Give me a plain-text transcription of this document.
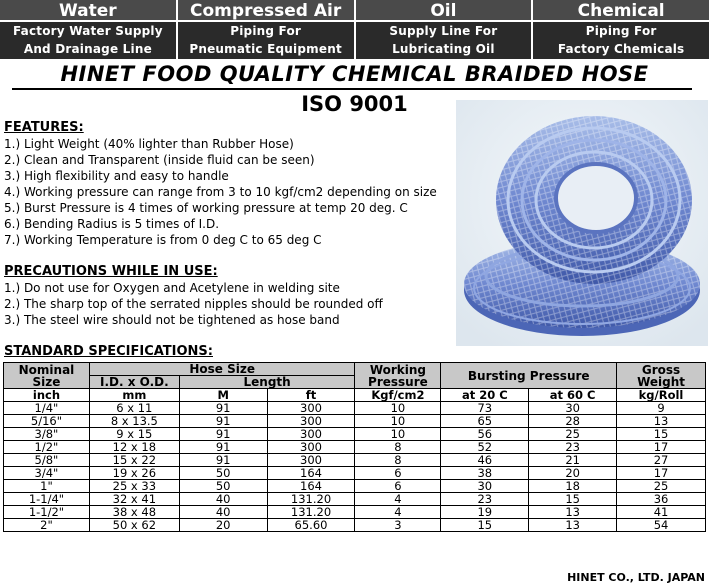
Water
Factory Water Supply
And Drainage Line
Compressed Air
Piping For
Pneumatic Equipment
Oil
Supply Line For
Lubricating Oil
Chemical
Piping For
Factory Chemicals
HINET FOOD QUALITY CHEMICAL BRAIDED HOSE
ISO 9001
FEATURES:
1.) Light Weight (40% lighter than Rubber Hose)
2.) Clean and Transparent (inside fluid can be seen)
3.) High flexibility and easy to handle
4.) Working pressure can range from 3 to 10 kgf/cm2 depending on size
5.) Burst Pressure is 4 times of working pressure at temp 20 deg. C
6.) Bending Radius is 5 times of I.D.
7.) Working Temperature is from 0 deg C to 65 deg C
PRECAUTIONS WHILE IN USE:
1.) Do not use for Oxygen and Acetylene in welding site
2.) The sharp top of the serrated nipples should be rounded off
3.) The steel wire should not be tightened as hose band
STANDARD SPECIFICATIONS:
Nominal Size	Hose Size			Working Pressure	Bursting Pressure		Gross Weight
	I.D. x O.D.	Length					
inch	mm	M	ft	Kgf/cm2	at 20 C	at 60 C	kg/Roll
1/4"	6 x 11	91	300	10	73	30	9
5/16"	8 x 13.5	91	300	10	65	28	13
3/8"	9 x 15	91	300	10	56	25	15
1/2"	12 x 18	91	300	8	52	23	17
5/8"	15 x 22	91	300	8	46	21	27
3/4"	19 x 26	50	164	6	38	20	17
1"	25 x 33	50	164	6	30	18	25
1-1/4"	32 x 41	40	131.20	4	23	15	36
1-1/2"	38 x 48	40	131.20	4	19	13	41
2"	50 x 62	20	65.60	3	15	13	54
HINET CO., LTD. JAPAN
